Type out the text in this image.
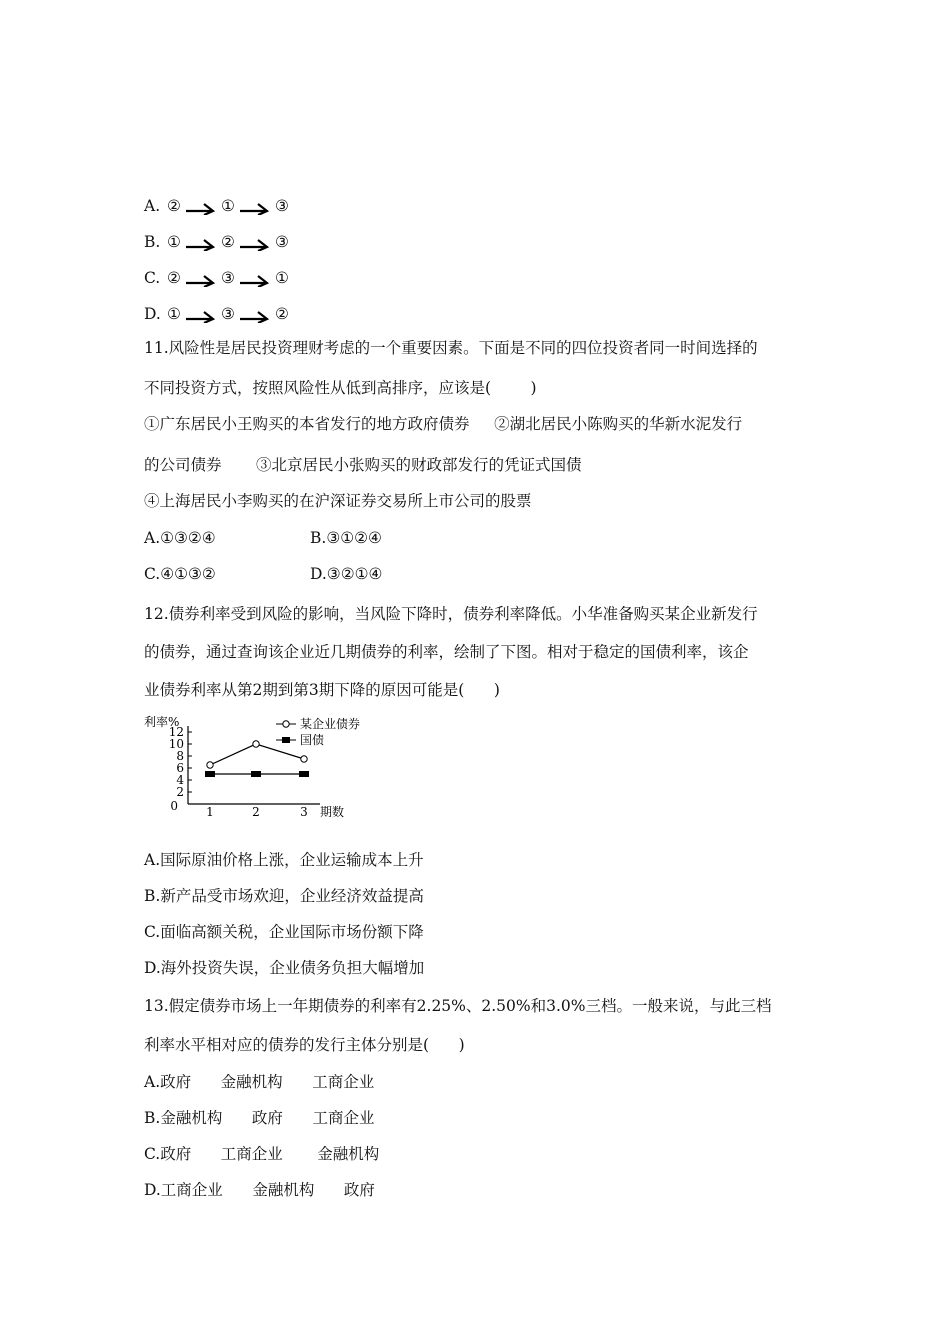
A. ②	①	③
B. ①	②	③
C. ②	③	①
D. ①	③	②
11.风险性是居民投资理财考虑的一个重要因素。下面是不同的四位投资者同一时间选择的
不同投资方式，按照风险性从低到高排序，应该是(        )
①广东居民小王购买的本省发行的地方政府债券     ②湖北居民小陈购买的华新水泥发行
的公司债券       ③北京居民小张购买的财政部发行的凭证式国债
④上海居民小李购买的在沪深证券交易所上市公司的股票
A.①③②④	B.③①②④
C.④①③②	D.③②①④
12.债券利率受到风险的影响，当风险下降时，债券利率降低。小华准备购买某企业新发行
的债券，通过查询该企业近几期债券的利率，绘制了下图。相对于稳定的国债利率，该企
业债券利率从第2期到第3期下降的原因可能是(      )
利率%
0
2
4
6
8
10
12
1	2	3 期数
某企业债券
国债
A.国际原油价格上涨，企业运输成本上升
B.新产品受市场欢迎，企业经济效益提高
C.面临高额关税，企业国际市场份额下降
D.海外投资失误，企业债务负担大幅增加
13.假定债券市场上一年期债券的利率有2.25%、2.50%和3.0%三档。一般来说，与此三档
利率水平相对应的债券的发行主体分别是(      )
A.政府      金融机构      工商企业
B.金融机构      政府      工商企业
C.政府      工商企业       金融机构
D.工商企业      金融机构      政府
